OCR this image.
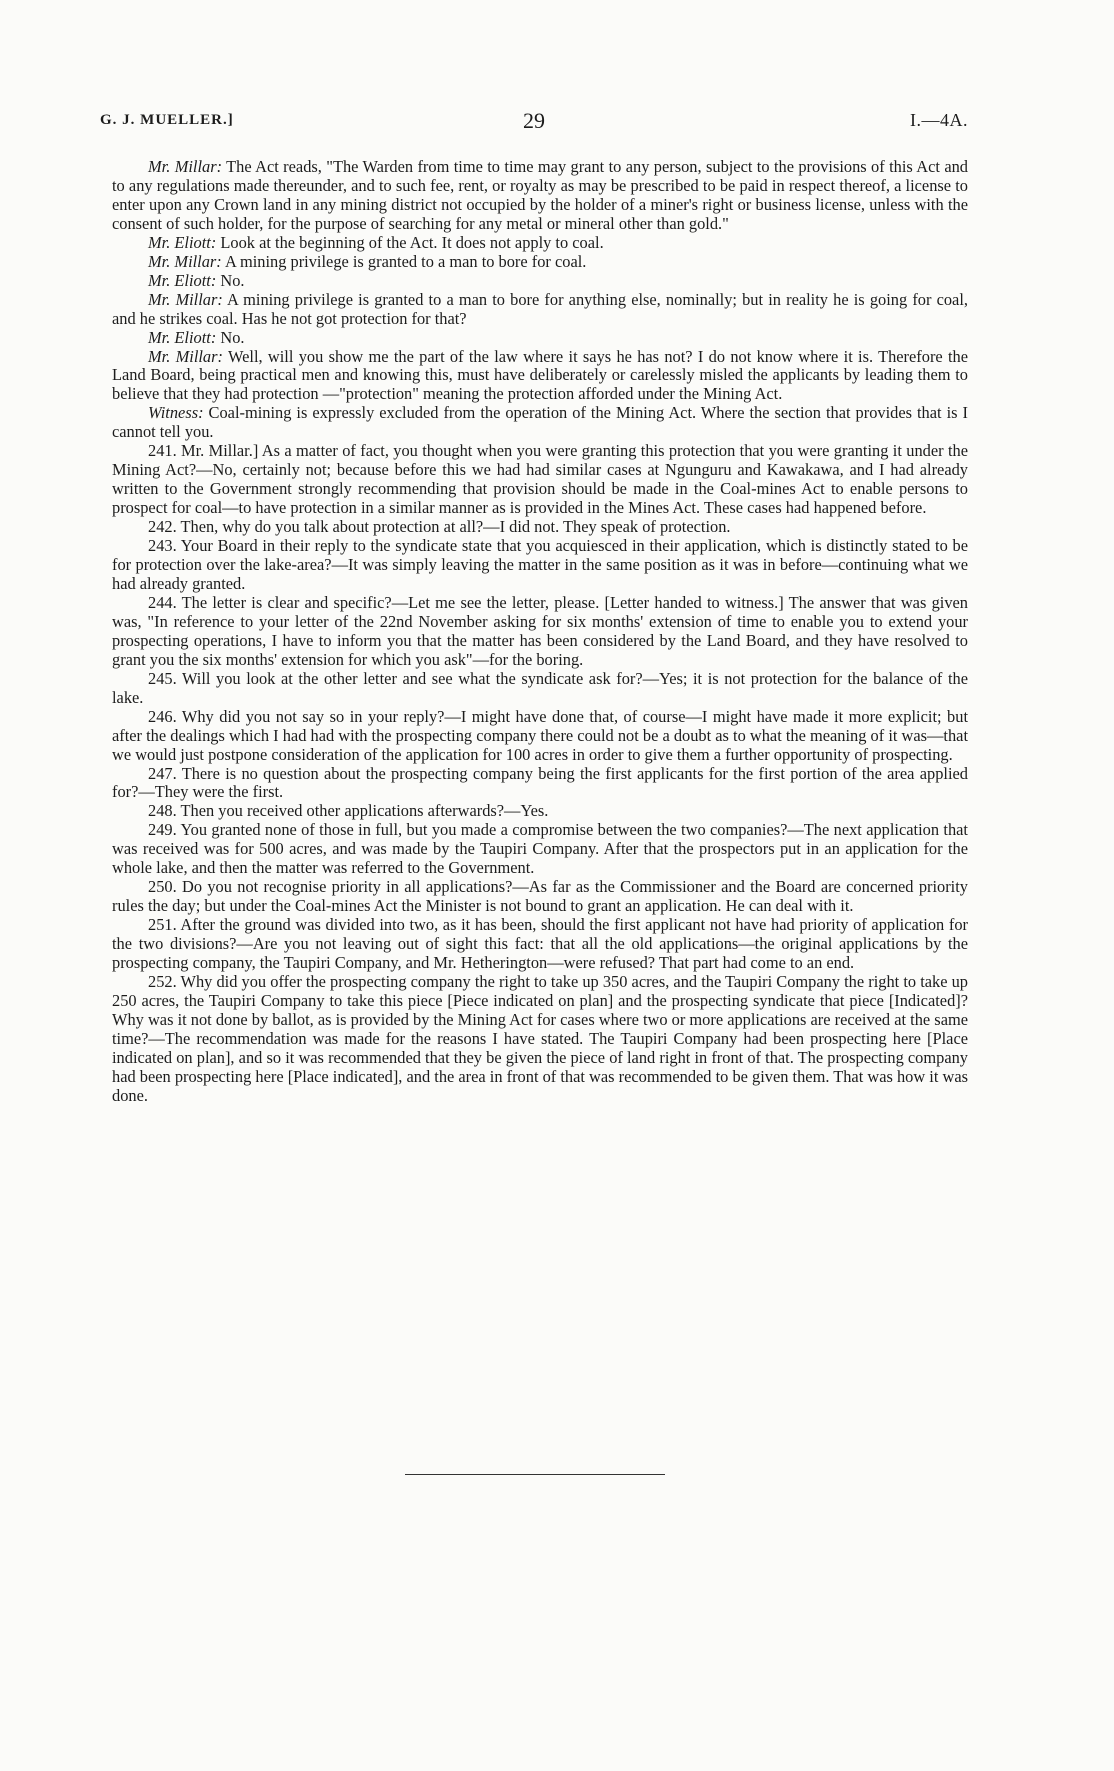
G. J. MUELLER.]	29	I.—4A.

Mr. Millar: The Act reads, "The Warden from time to time may grant to any person, subject to the provisions of this Act and to any regulations made thereunder, and to such fee, rent, or royalty as may be prescribed to be paid in respect thereof, a license to enter upon any Crown land in any mining district not occupied by the holder of a miner's right or business license, unless with the consent of such holder, for the purpose of searching for any metal or mineral other than gold."

Mr. Eliott: Look at the beginning of the Act. It does not apply to coal.

Mr. Millar: A mining privilege is granted to a man to bore for coal.

Mr. Eliott: No.

Mr. Millar: A mining privilege is granted to a man to bore for anything else, nominally; but in reality he is going for coal, and he strikes coal. Has he not got protection for that?

Mr. Eliott: No.

Mr. Millar: Well, will you show me the part of the law where it says he has not? I do not know where it is. Therefore the Land Board, being practical men and knowing this, must have deliberately or carelessly misled the applicants by leading them to believe that they had protection —"protection" meaning the protection afforded under the Mining Act.

Witness: Coal-mining is expressly excluded from the operation of the Mining Act. Where the section that provides that is I cannot tell you.

241. Mr. Millar.] As a matter of fact, you thought when you were granting this protection that you were granting it under the Mining Act?—No, certainly not; because before this we had had similar cases at Ngunguru and Kawakawa, and I had already written to the Government strongly recommending that provision should be made in the Coal-mines Act to enable persons to prospect for coal—to have protection in a similar manner as is provided in the Mines Act. These cases had happened before.

242. Then, why do you talk about protection at all?—I did not. They speak of protection.

243. Your Board in their reply to the syndicate state that you acquiesced in their application, which is distinctly stated to be for protection over the lake-area?—It was simply leaving the matter in the same position as it was in before—continuing what we had already granted.

244. The letter is clear and specific?—Let me see the letter, please. [Letter handed to witness.] The answer that was given was, "In reference to your letter of the 22nd November asking for six months' extension of time to enable you to extend your prospecting operations, I have to inform you that the matter has been considered by the Land Board, and they have resolved to grant you the six months' extension for which you ask"—for the boring.

245. Will you look at the other letter and see what the syndicate ask for?—Yes; it is not protection for the balance of the lake.

246. Why did you not say so in your reply?—I might have done that, of course—I might have made it more explicit; but after the dealings which I had had with the prospecting company there could not be a doubt as to what the meaning of it was—that we would just postpone consideration of the application for 100 acres in order to give them a further opportunity of prospecting.

247. There is no question about the prospecting company being the first applicants for the first portion of the area applied for?—They were the first.

248. Then you received other applications afterwards?—Yes.

249. You granted none of those in full, but you made a compromise between the two companies?—The next application that was received was for 500 acres, and was made by the Taupiri Company. After that the prospectors put in an application for the whole lake, and then the matter was referred to the Government.

250. Do you not recognise priority in all applications?—As far as the Commissioner and the Board are concerned priority rules the day; but under the Coal-mines Act the Minister is not bound to grant an application. He can deal with it.

251. After the ground was divided into two, as it has been, should the first applicant not have had priority of application for the two divisions?—Are you not leaving out of sight this fact: that all the old applications—the original applications by the prospecting company, the Taupiri Company, and Mr. Hetherington—were refused? That part had come to an end.

252. Why did you offer the prospecting company the right to take up 350 acres, and the Taupiri Company the right to take up 250 acres, the Taupiri Company to take this piece [Piece indicated on plan] and the prospecting syndicate that piece [Indicated]? Why was it not done by ballot, as is provided by the Mining Act for cases where two or more applications are received at the same time?—The recommendation was made for the reasons I have stated. The Taupiri Company had been prospecting here [Place indicated on plan], and so it was recommended that they be given the piece of land right in front of that. The prospecting company had been prospecting here [Place indicated], and the area in front of that was recommended to be given them. That was how it was done.
